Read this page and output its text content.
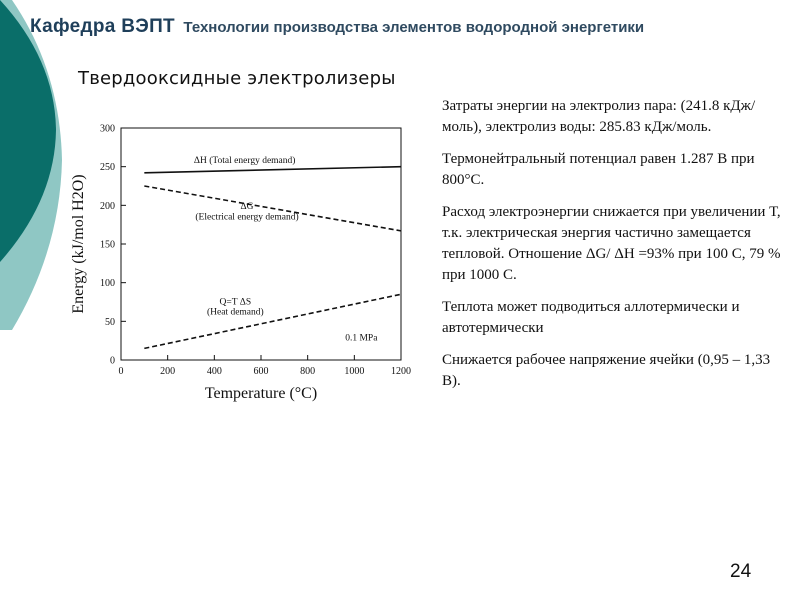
Кафедра ВЭПТ Технологии производства элементов водородной энергетики
Твердооксидные электролизеры
Temperature (°C)
Energy (kJ/mol H2O)
0	200	400	600	800	1000	1200
0
50
100
150
200
250
300
ΔH (Total energy demand)
ΔG
(Electrical energy demand)
Q=T ΔS
(Heat demand)
0.1 MPa

Затраты энергии на электролиз пара: (241.8 кДж/моль), электролиз воды: 285.83 кДж/моль.

Термонейтральный потенциал равен 1.287 В при 800°С.

Расход электроэнергии снижается при увеличении Т, т.к. электрическая энергия частично замещается тепловой. Отношение ΔG/ ΔH =93% при 100 С, 79 % при 1000 С.

Теплота может подводиться аллотермически и автотермически

Снижается рабочее напряжение ячейки (0,95 – 1,33 В).

24
